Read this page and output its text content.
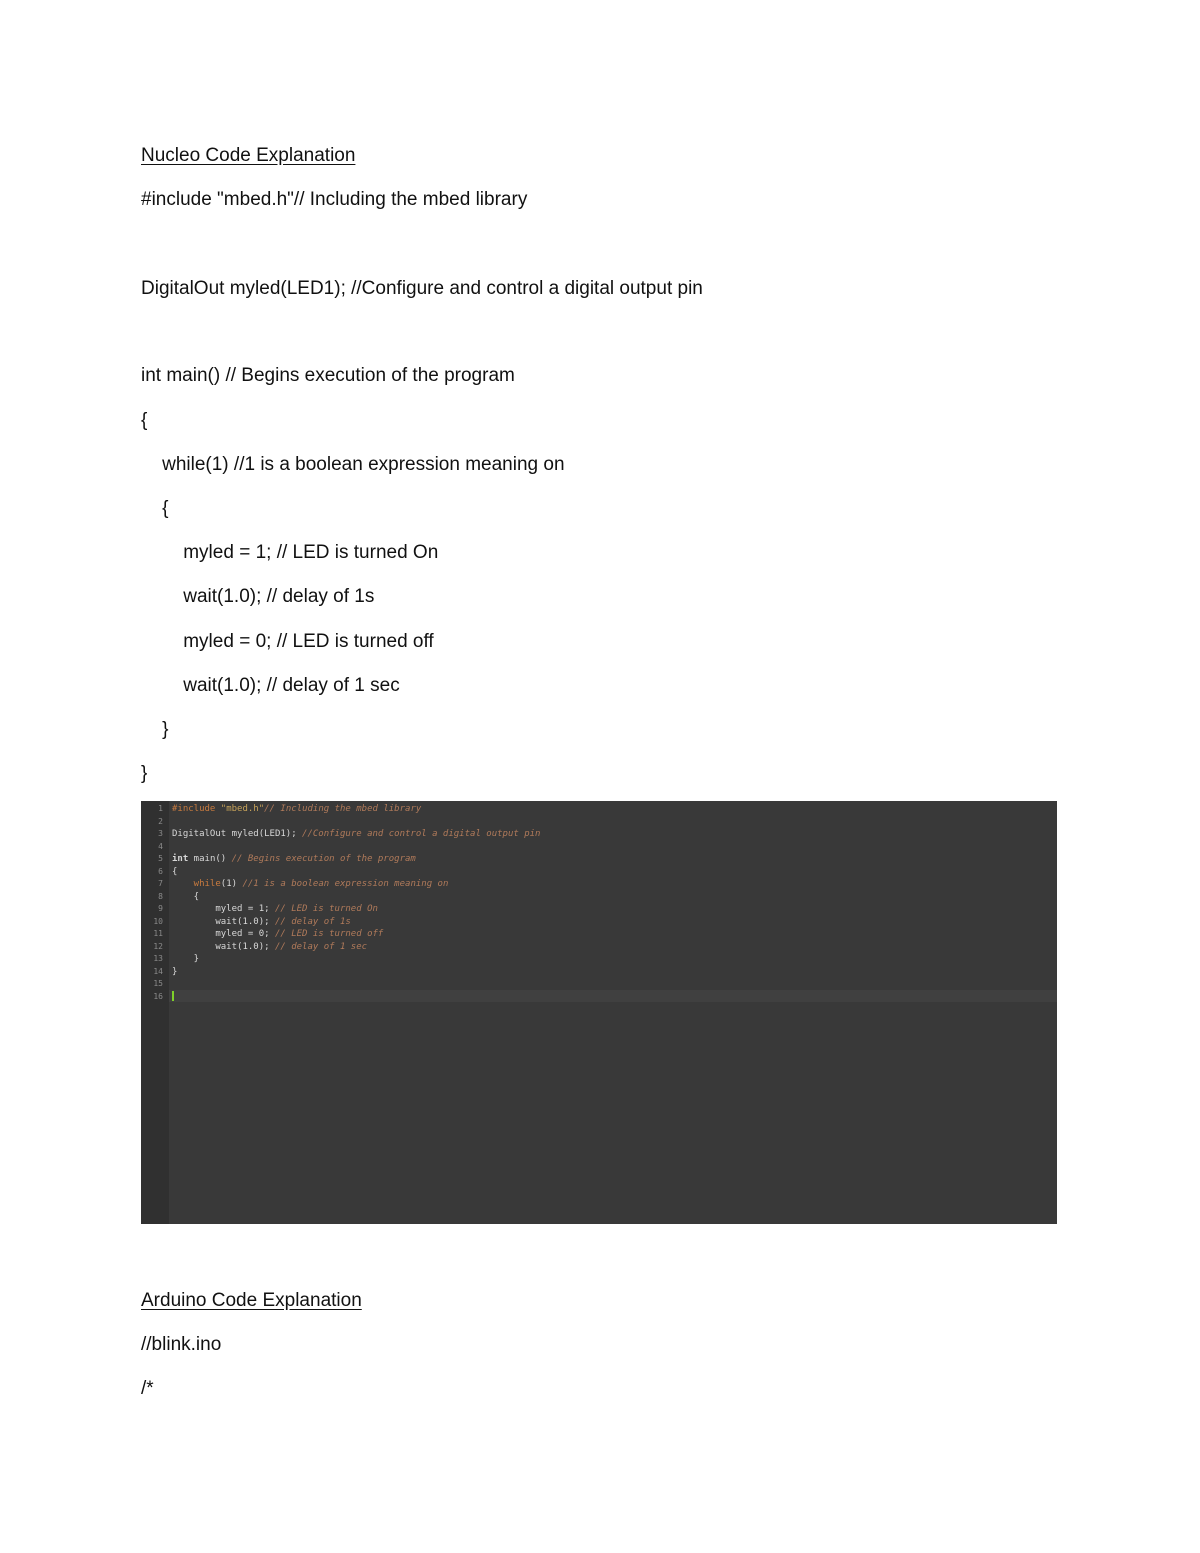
Nucleo Code Explanation
#include "mbed.h"// Including the mbed library
DigitalOut myled(LED1); //Configure and control a digital output pin
int main() // Begins execution of the program
{
while(1) //1 is a boolean expression meaning on
{
myled = 1; // LED is turned On
wait(1.0); // delay of 1s
myled = 0; // LED is turned off
wait(1.0); // delay of 1 sec
}
}
1
2
3
4
5
6
7
8
9
10
11
12
13
14
15
16
#include "mbed.h"// Including the mbed library
DigitalOut myled(LED1); //Configure and control a digital output pin
int main() // Begins execution of the program
{
while(1) //1 is a boolean expression meaning on
{
myled = 1; // LED is turned On
wait(1.0); // delay of 1s
myled = 0; // LED is turned off
wait(1.0); // delay of 1 sec
}
}
Arduino Code Explanation
//blink.ino
/*
